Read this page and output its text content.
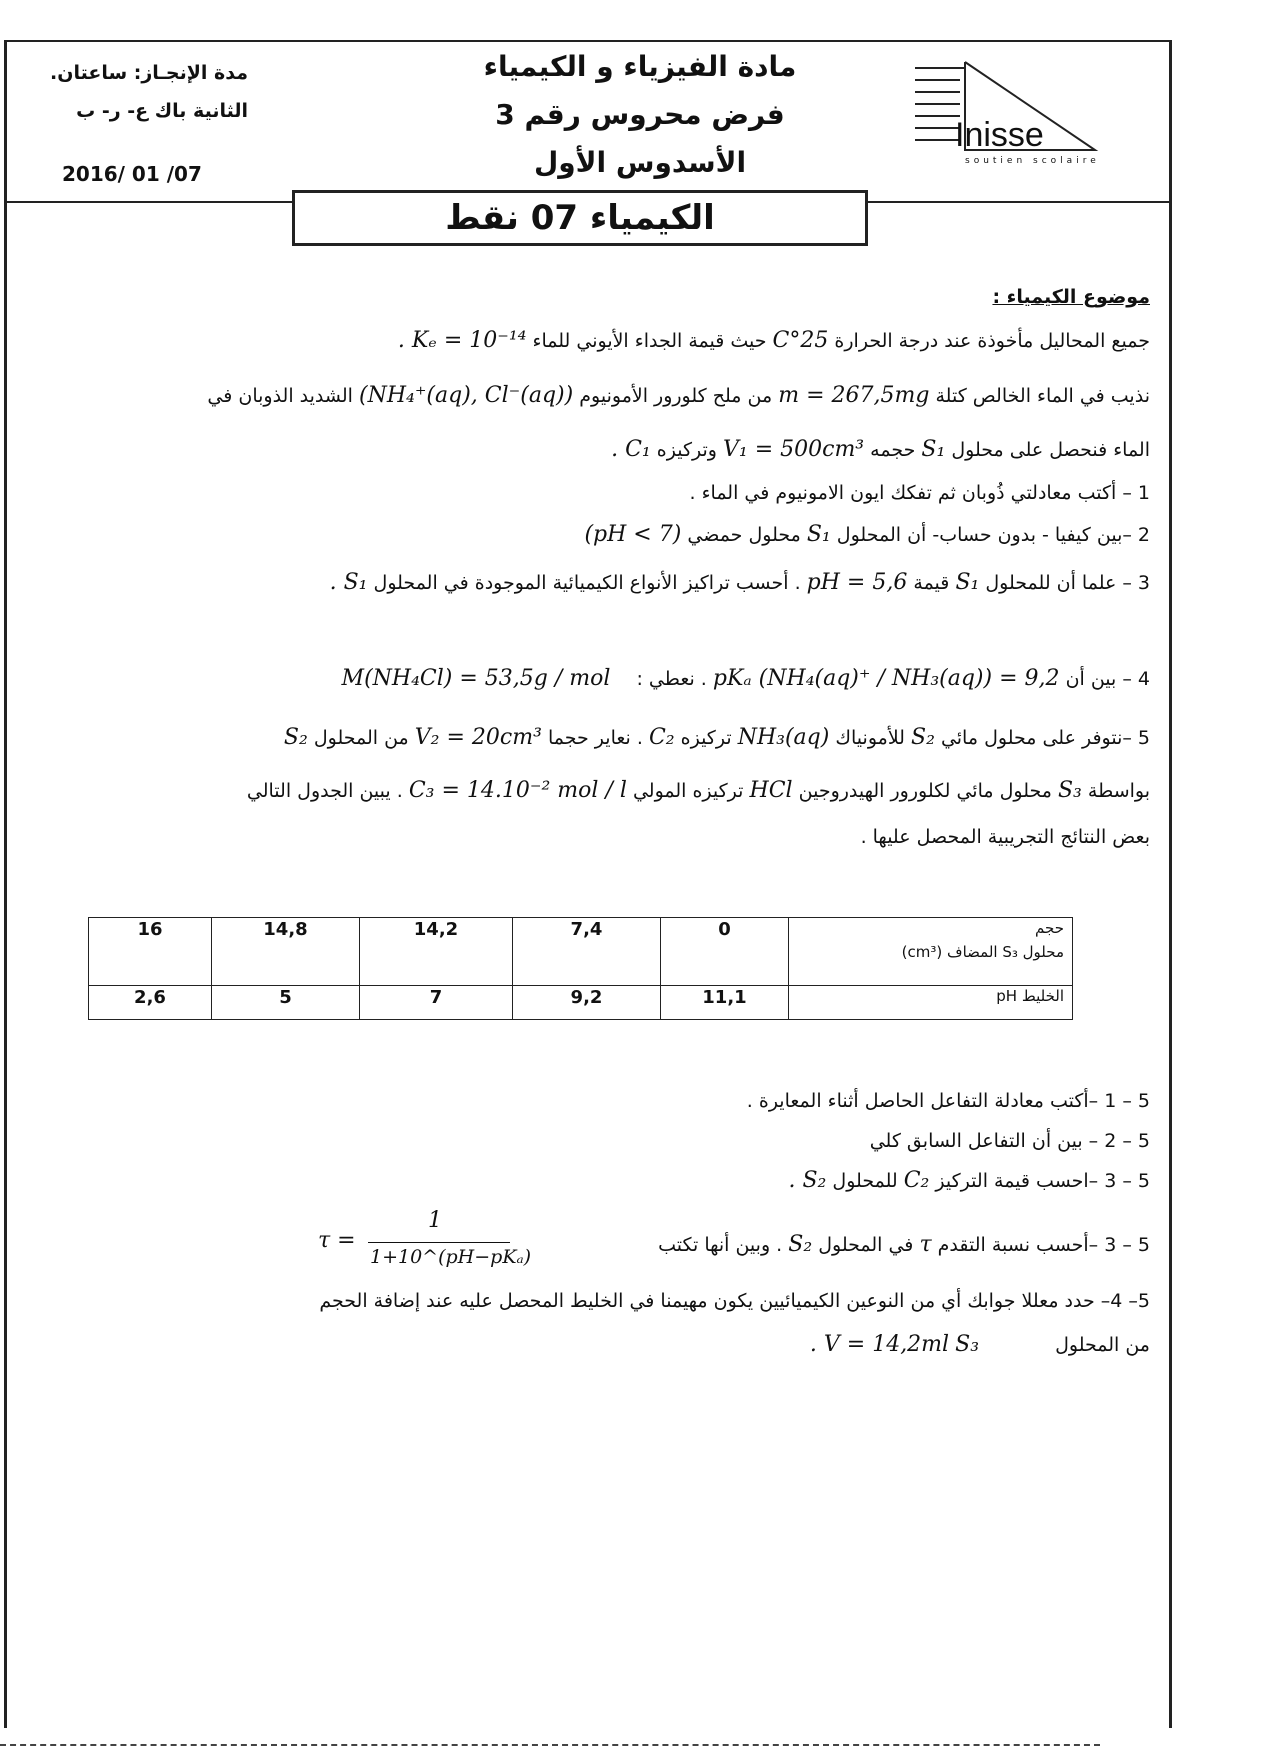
مدة الإنجـاز: ساعتان.
الثانية باك ع- ر- ب
2016/ 01 /07
مادة الفيزياء و الكيمياء
فرض محروس رقم 3
الأسدوس الأول
Inisse
soutien scolaire
الكيمياء 07 نقط
موضوع الكيمياء :
جميع المحاليل مأخوذة عند درجة الحرارة 25°C حيث قيمة الجداء الأيوني للماء Kₑ = 10⁻¹⁴ .
نذيب في الماء الخالص كتلة m = 267,5mg من ملح كلورور الأمونيوم (NH₄⁺(aq), Cl⁻(aq)) الشديد الذوبان في
الماء فنحصل على محلول S₁ حجمه V₁ = 500cm³ وتركيزه C₁ .
1 – أكتب معادلتي ذُوبان ثم تفكك ايون الامونيوم في الماء .
2 –بين كيفيا - بدون حساب- أن المحلول S₁ محلول حمضي (pH < 7)
3 – علما أن للمحلول S₁ قيمة pH = 5,6 . أحسب تراكيز الأنواع الكيميائية الموجودة في المحلول S₁ .
4 – بين أن pKₐ (NH₄(aq)⁺ / NH₃(aq)) = 9,2 . نعطي : M(NH₄Cl) = 53,5g / mol
5 –نتوفر على محلول مائي S₂ للأمونياك NH₃(aq) تركيزه C₂ . نعاير حجما V₂ = 20cm³ من المحلول S₂
بواسطة S₃ محلول مائي لكلورور الهيدروجين HCl تركيزه المولي C₃ = 14.10⁻² mol / l . يبين الجدول التالي
بعض النتائج التجريبية المحصل عليها .
16	14,8	14,2	7,4	0	حجم
محلول S₃ المضاف (cm³)

2,6	5	7	9,2	11,1	الخليط pH
5 – 1 –أكتب معادلة التفاعل الحاصل أثناء المعايرة .
5 – 2 – بين أن التفاعل السابق كلي
5 – 3 –احسب قيمة التركيز C₂ للمحلول S₂ .
5 – 3 –أحسب نسبة التقدم τ في المحلول S₂ . وبين أنها تكتب
τ =
1
1+10^(pH−pKₐ)
5– 4– حدد معللا جوابك أي من النوعين الكيميائيين يكون مهيمنا في الخليط المحصل عليه عند إضافة الحجم
من المحلول V = 14,2ml S₃ .
